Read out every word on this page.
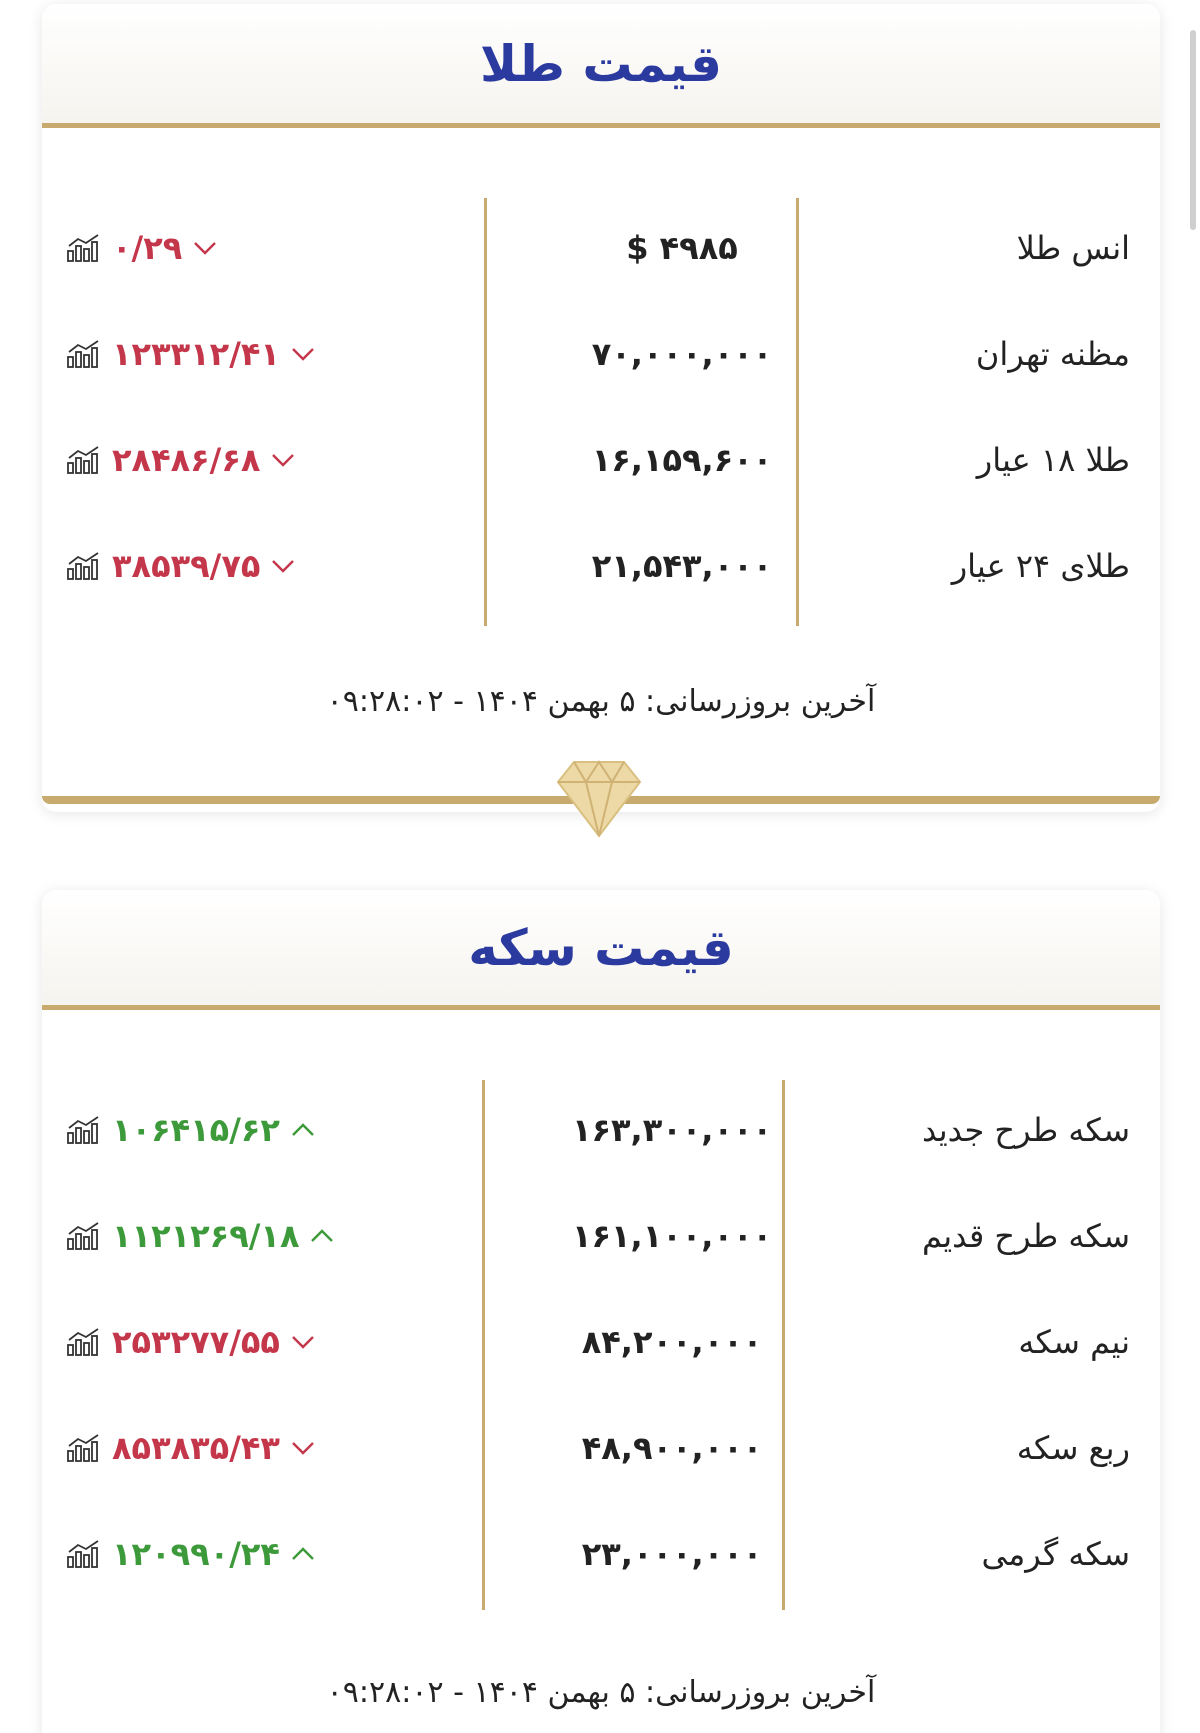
قیمت طلا
انس طلا
$ ۴۹۸۵
۰/۲۹
مظنه تهران
۷۰,۰۰۰,۰۰۰
۱۲۳۳۱۲/۴۱
طلا ۱۸ عیار
۱۶,۱۵۹,۶۰۰
۲۸۴۸۶/۶۸
طلای ۲۴ عیار
۲۱,۵۴۳,۰۰۰
۳۸۵۳۹/۷۵
آخرین بروزرسانی: ۵ بهمن ۱۴۰۴ - ۰۹:۲۸:۰۲
قیمت سکه
سکه طرح جدید
۱۶۳,۳۰۰,۰۰۰
۱۰۶۴۱۵/۶۲
سکه طرح قدیم
۱۶۱,۱۰۰,۰۰۰
۱۱۲۱۲۶۹/۱۸
نیم سکه
۸۴,۲۰۰,۰۰۰
۲۵۳۲۷۷/۵۵
ربع سکه
۴۸,۹۰۰,۰۰۰
۸۵۳۸۳۵/۴۳
سکه گرمی
۲۳,۰۰۰,۰۰۰
۱۲۰۹۹۰/۲۴
آخرین بروزرسانی: ۵ بهمن ۱۴۰۴ - ۰۹:۲۸:۰۲
